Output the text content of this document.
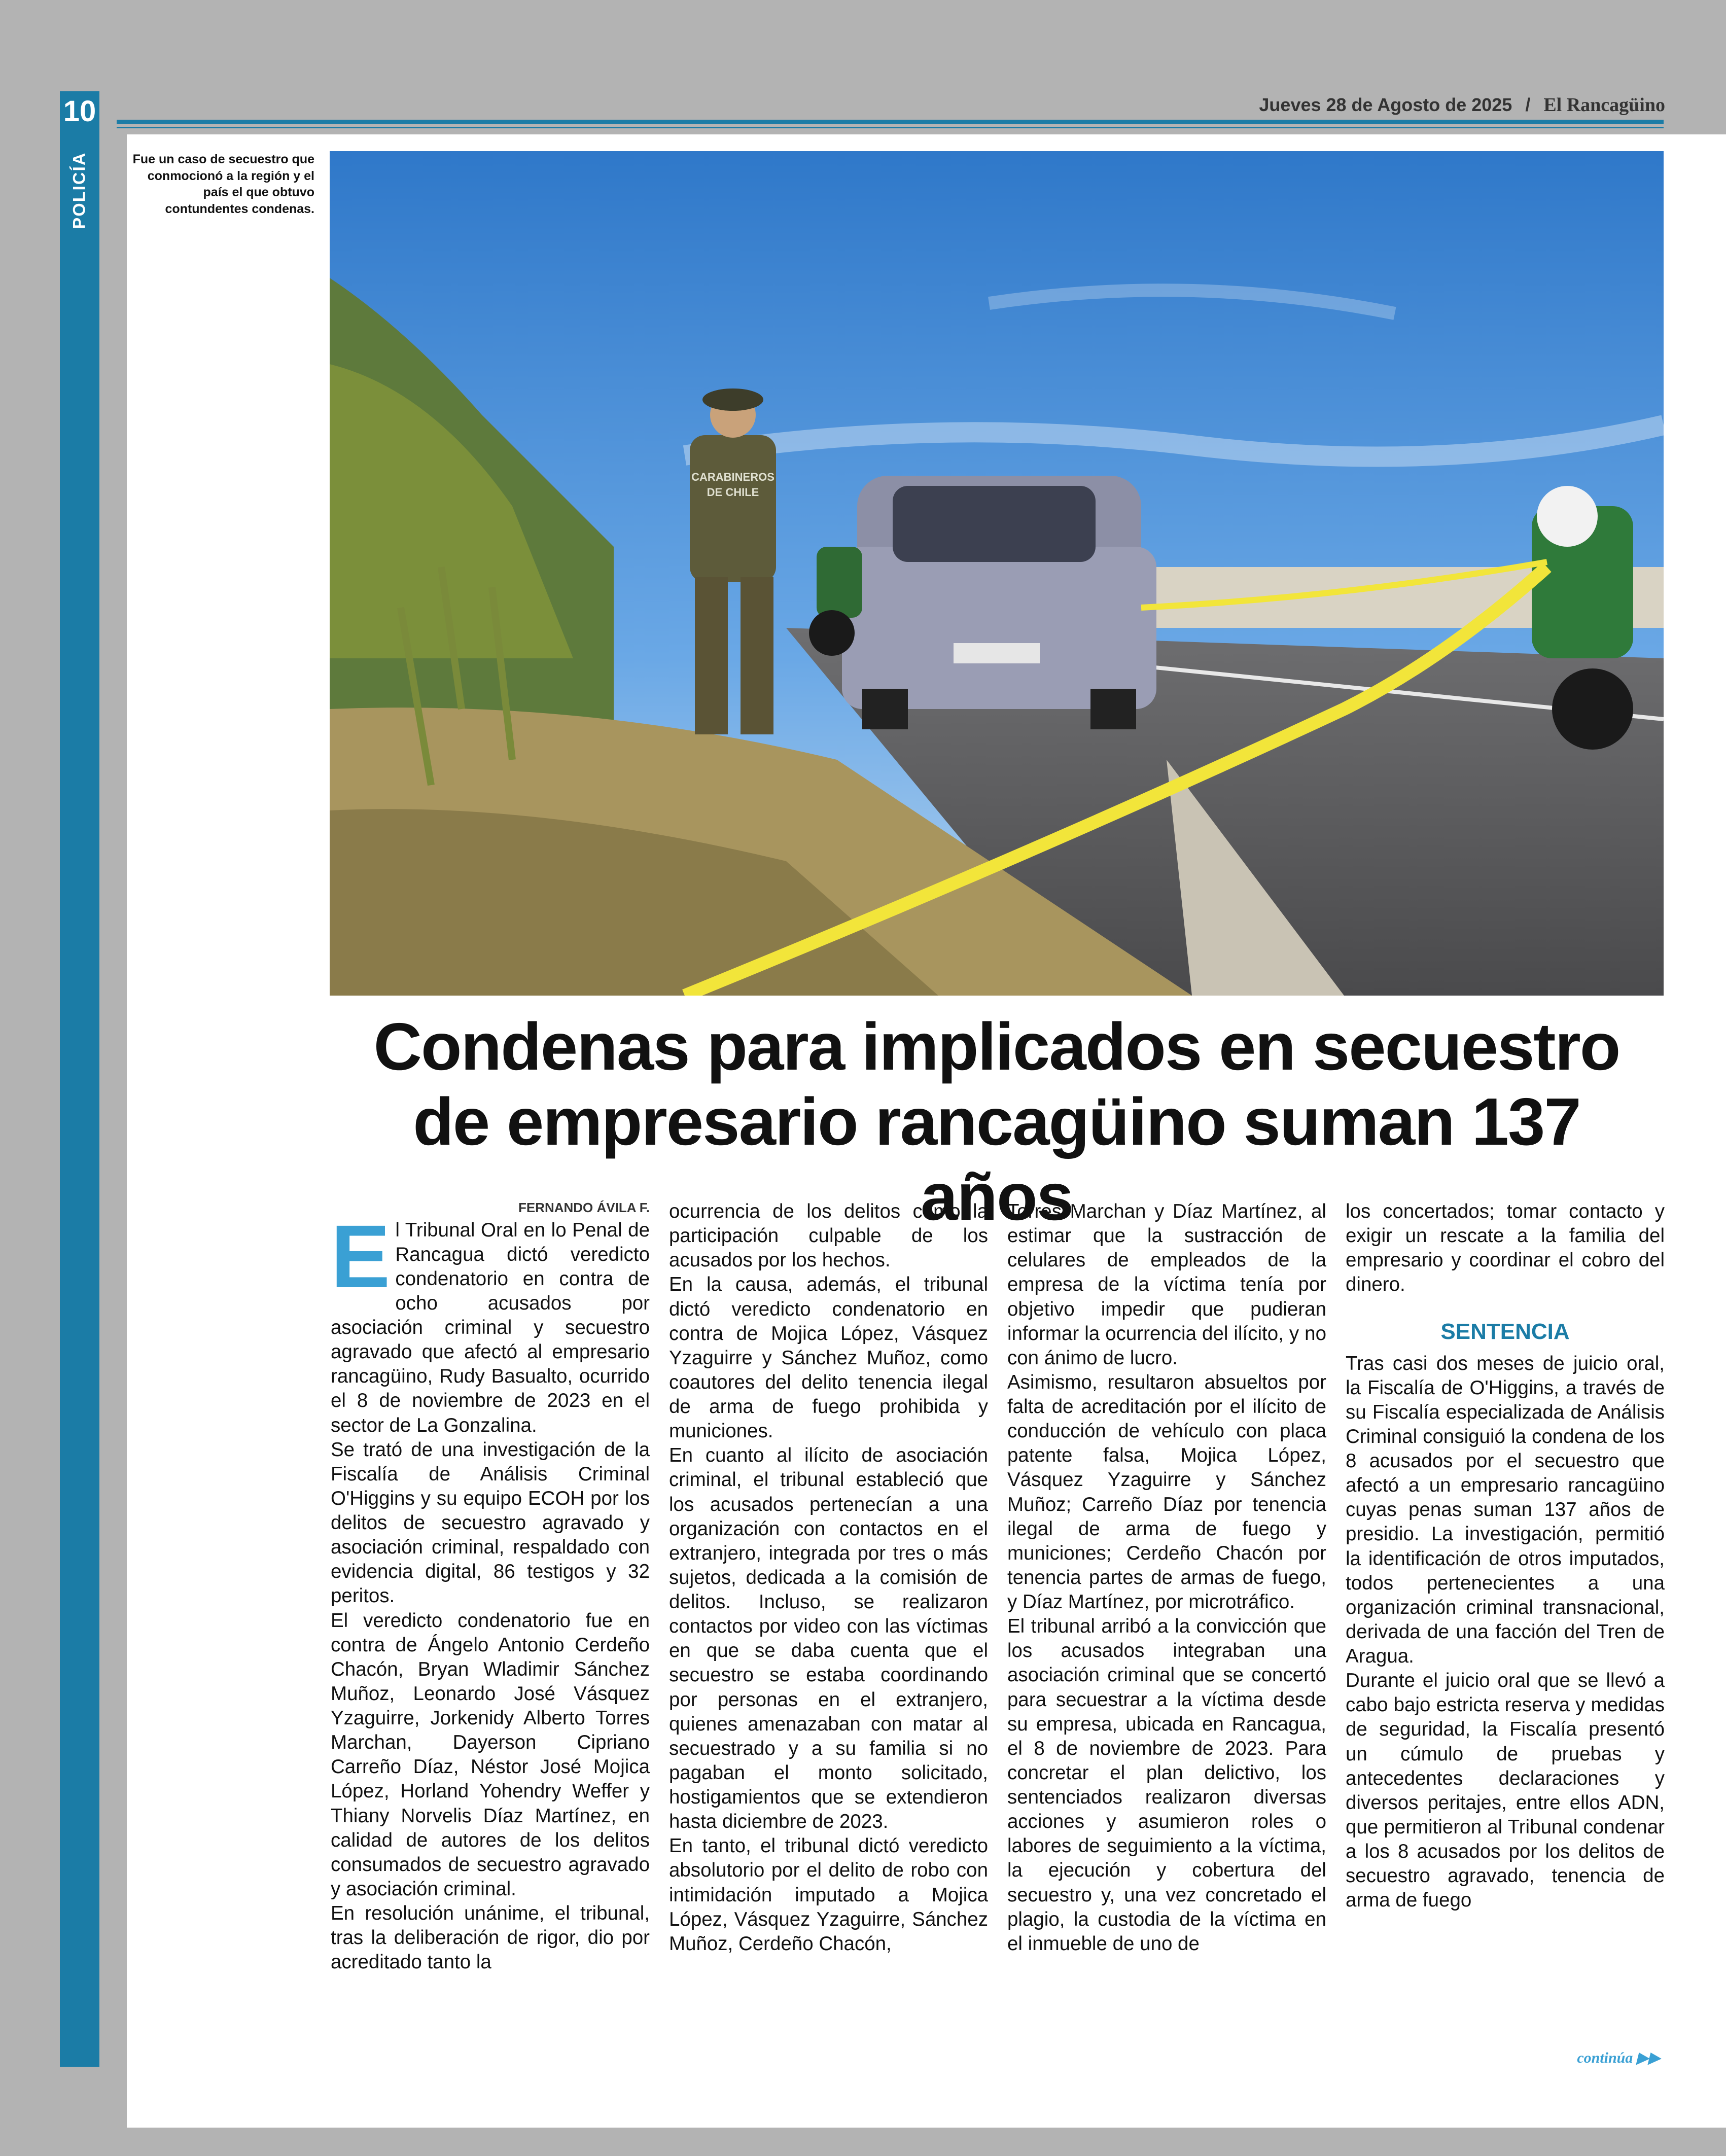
10
POLICÍA
Jueves 28 de Agosto de 2025 / El Rancagüino
Fue un caso de secuestro que conmocionó a la región y el país el que obtuvo contundentes condenas.
CARABINEROS
DE CHILE
Condenas para implicados en secuestro
de empresario rancagüino suman 137 años
FERNANDO ÁVILA F.

El Tribunal Oral en lo Penal de Rancagua dictó veredicto condenatorio en contra de ocho acusados por asociación criminal y secuestro agravado que afectó al empresario rancagüino, Rudy Basualto, ocurrido el 8 de noviembre de 2023 en el sector de La Gonzalina.

Se trató de una investigación de la Fiscalía de Análisis Criminal O'Higgins y su equipo ECOH por los delitos de secuestro agravado y asociación criminal, respaldado con evidencia digital, 86 testigos y 32 peritos.

El veredicto condenatorio fue en contra de Ángelo Antonio Cerdeño Chacón, Bryan Wladimir Sánchez Muñoz, Leonardo José Vásquez Yzaguirre, Jorkenidy Alberto Torres Marchan, Dayerson Cipriano Carreño Díaz, Néstor José Mojica López, Horland Yohendry Weffer y Thiany Norvelis Díaz Martínez, en calidad de autores de los delitos consumados de secuestro agravado y asociación criminal.

En resolución unánime, el tribunal, tras la deliberación de rigor, dio por acreditado tanto la

ocurrencia de los delitos como la participación culpable de los acusados por los hechos.

En la causa, además, el tribunal dictó veredicto condenatorio en contra de Mojica López, Vásquez Yzaguirre y Sánchez Muñoz, como coautores del delito tenencia ilegal de arma de fuego prohibida y municiones.

En cuanto al ilícito de asociación criminal, el tribunal estableció que los acusados pertenecían a una organización con contactos en el extranjero, integrada por tres o más sujetos, dedicada a la comisión de delitos. Incluso, se realizaron contactos por video con las víctimas en que se daba cuenta que el secuestro se estaba coordinando por personas en el extranjero, quienes amenazaban con matar al secuestrado y a su familia si no pagaban el monto solicitado, hostigamientos que se extendieron hasta diciembre de 2023.

En tanto, el tribunal dictó veredicto absolutorio por el delito de robo con intimidación imputado a Mojica López, Vásquez Yzaguirre, Sánchez Muñoz, Cerdeño Chacón,

Torres Marchan y Díaz Martínez, al estimar que la sustracción de celulares de empleados de la empresa de la víctima tenía por objetivo impedir que pudieran informar la ocurrencia del ilícito, y no con ánimo de lucro.

Asimismo, resultaron absueltos por falta de acreditación por el ilícito de conducción de vehículo con placa patente falsa, Mojica López, Vásquez Yzaguirre y Sánchez Muñoz; Carreño Díaz por tenencia ilegal de arma de fuego y municiones; Cerdeño Chacón por tenencia partes de armas de fuego, y Díaz Martínez, por microtráfico.

El tribunal arribó a la convicción que los acusados integraban una asociación criminal que se concertó para secuestrar a la víctima desde su empresa, ubicada en Rancagua, el 8 de noviembre de 2023. Para concretar el plan delictivo, los sentenciados realizaron diversas acciones y asumieron roles o labores de seguimiento a la víctima, la ejecución y cobertura del secuestro y, una vez concretado el plagio, la custodia de la víctima en el inmueble de uno de

los concertados; tomar contacto y exigir un rescate a la familia del empresario y coordinar el cobro del dinero.

SENTENCIA

Tras casi dos meses de juicio oral, la Fiscalía de O'Higgins, a través de su Fiscalía especializada de Análisis Criminal consiguió la condena de los 8 acusados por el secuestro que afectó a un empresario rancagüino cuyas penas suman 137 años de presidio. La investigación, permitió la identificación de otros imputados, todos pertenecientes a una organización criminal transnacional, derivada de una facción del Tren de Aragua.

Durante el juicio oral que se llevó a cabo bajo estricta reserva y medidas de seguridad, la Fiscalía presentó un cúmulo de pruebas y antecedentes declaraciones y diversos peritajes, entre ellos ADN, que permitieron al Tribunal condenar a los 8 acusados por los delitos de secuestro agravado, tenencia de arma de fuego

continúa ▶▶
